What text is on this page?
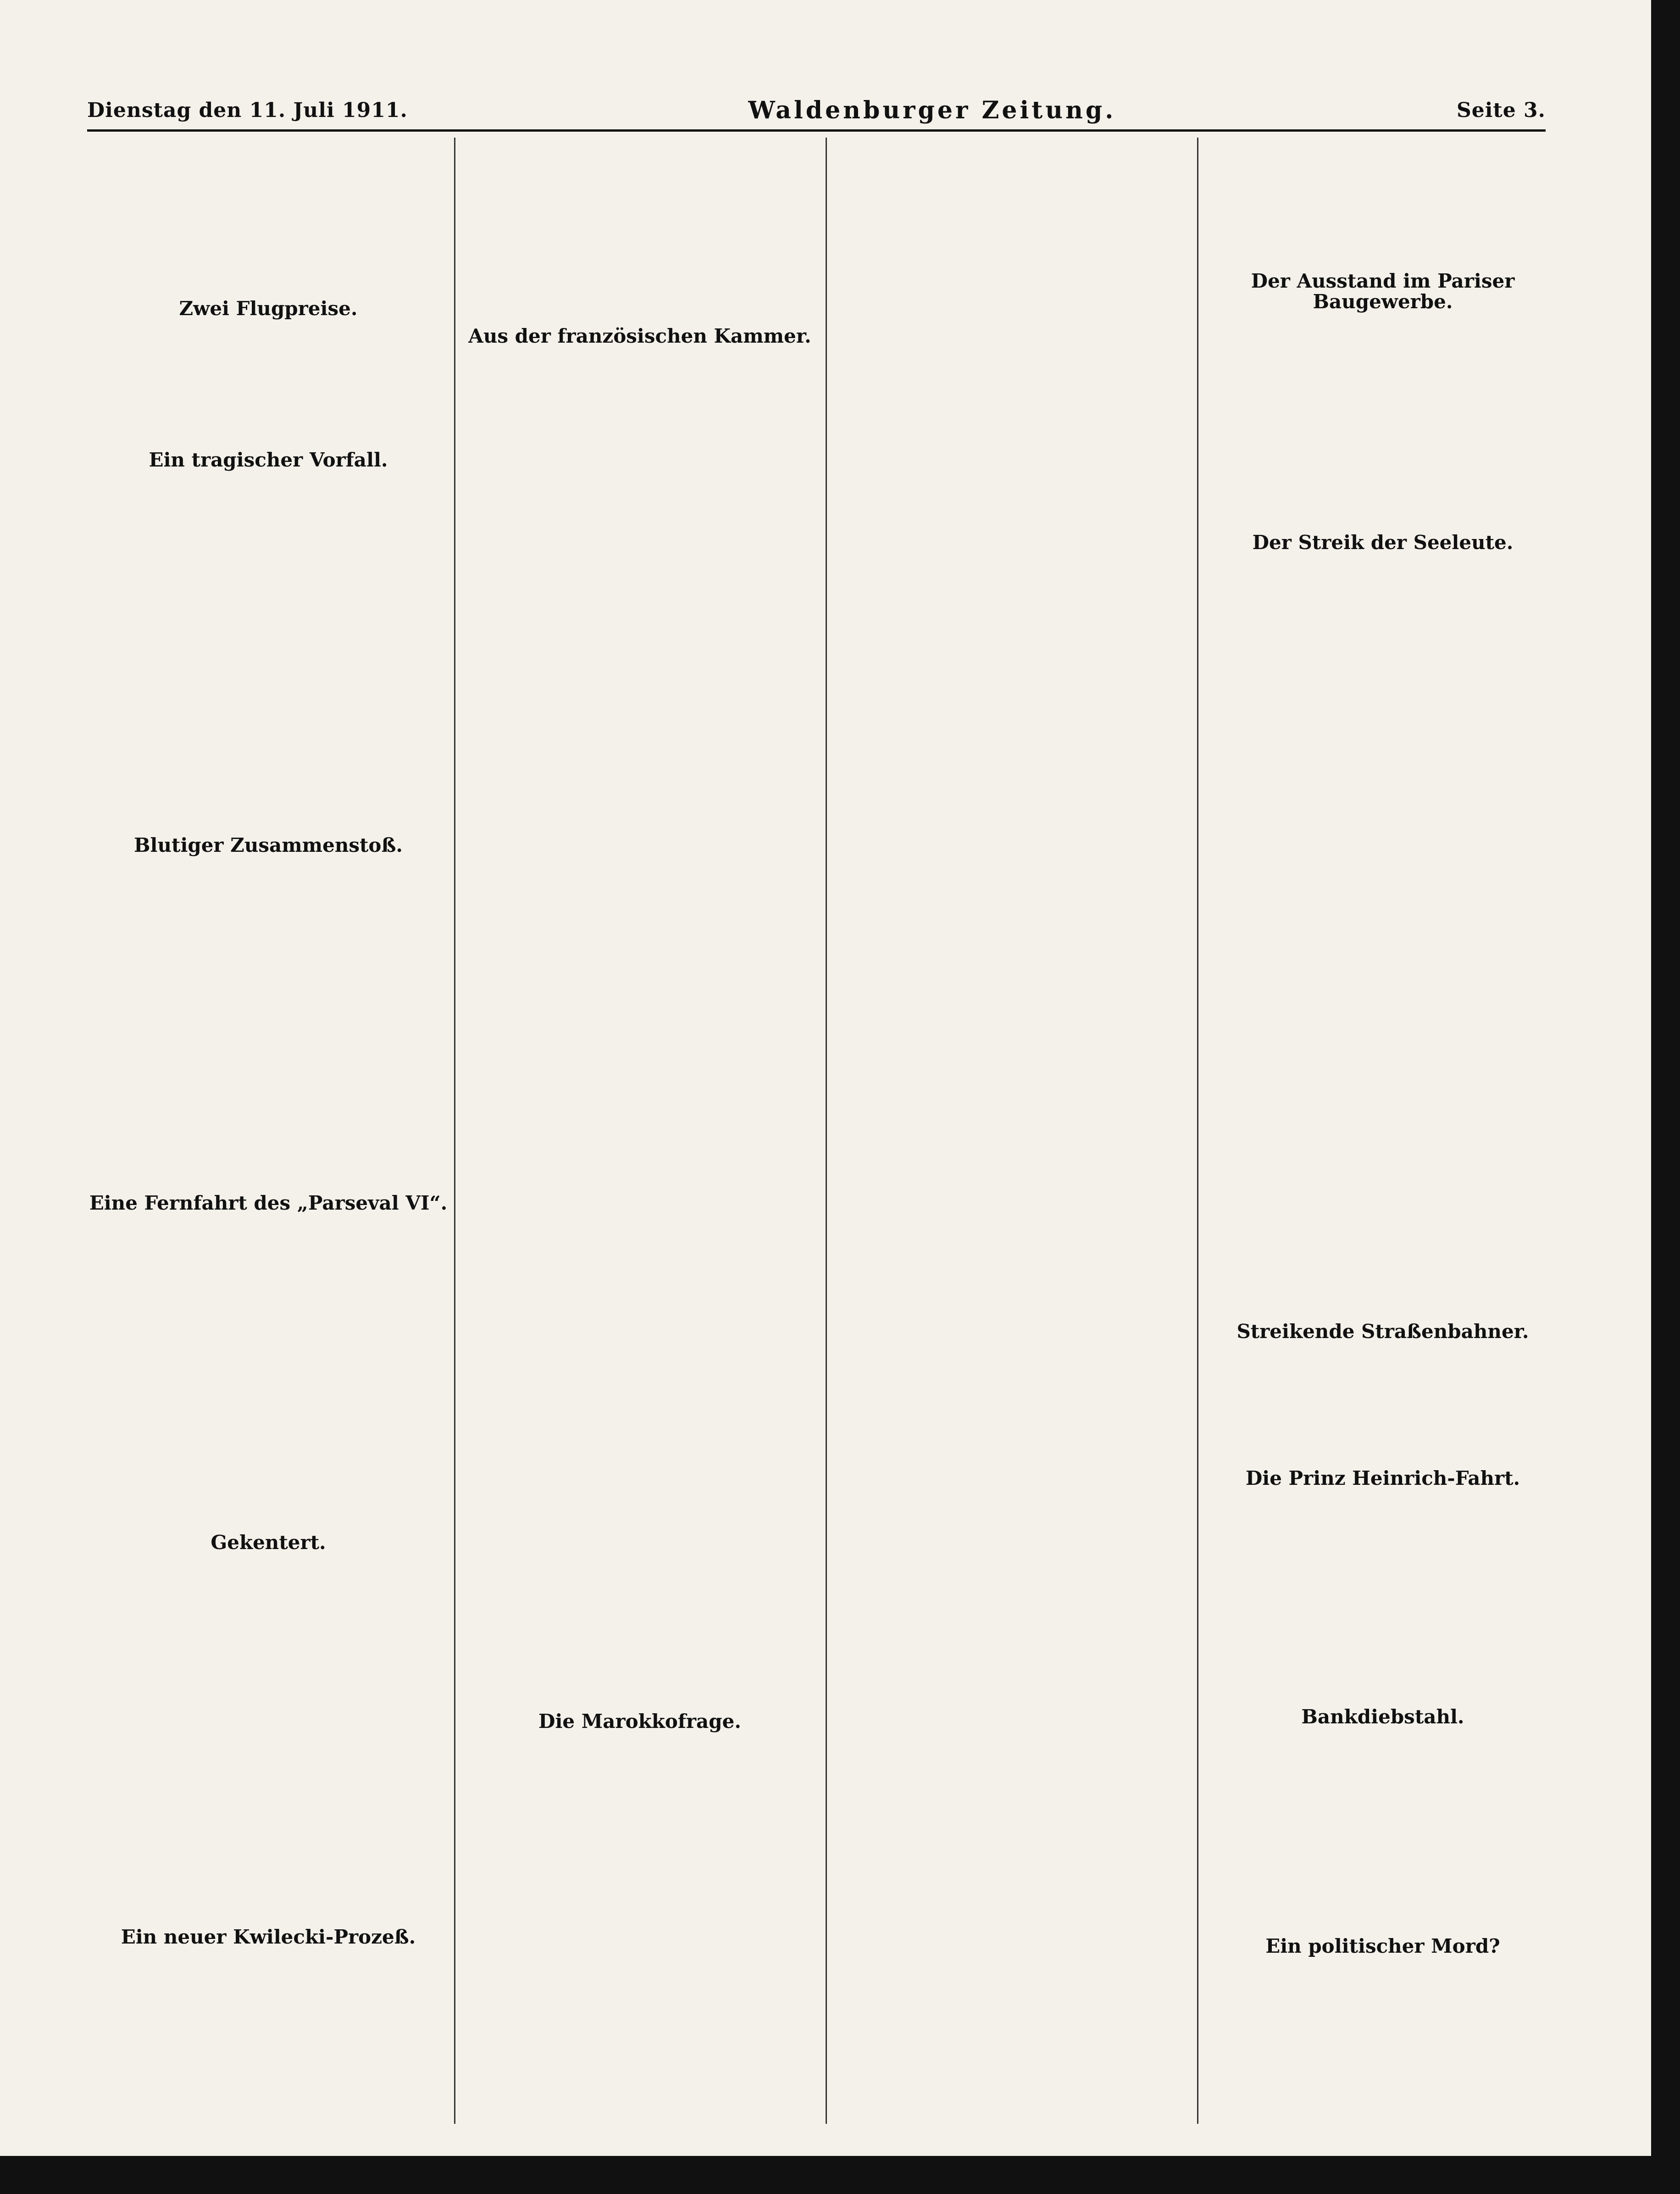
Dienstag den 11. Juli 1911.	Waldenburger Zeitung.	Seite 3.
Zwei Flugpreise.
Ein tragischer Vorfall.
Blutiger Zusammenstoß.
Eine Fernfahrt des „Parseval VI“.
Gekentert.
Ein neuer Kwilecki-Prozeß.
Aus der französischen Kammer.
Die Marokkofrage.
Der Ausstand im Pariser Baugewerbe.
Der Streik der Seeleute.
Streikende Straßenbahner.
Die Prinz Heinrich-Fahrt.
Bankdiebstahl.
Ein politischer Mord?
